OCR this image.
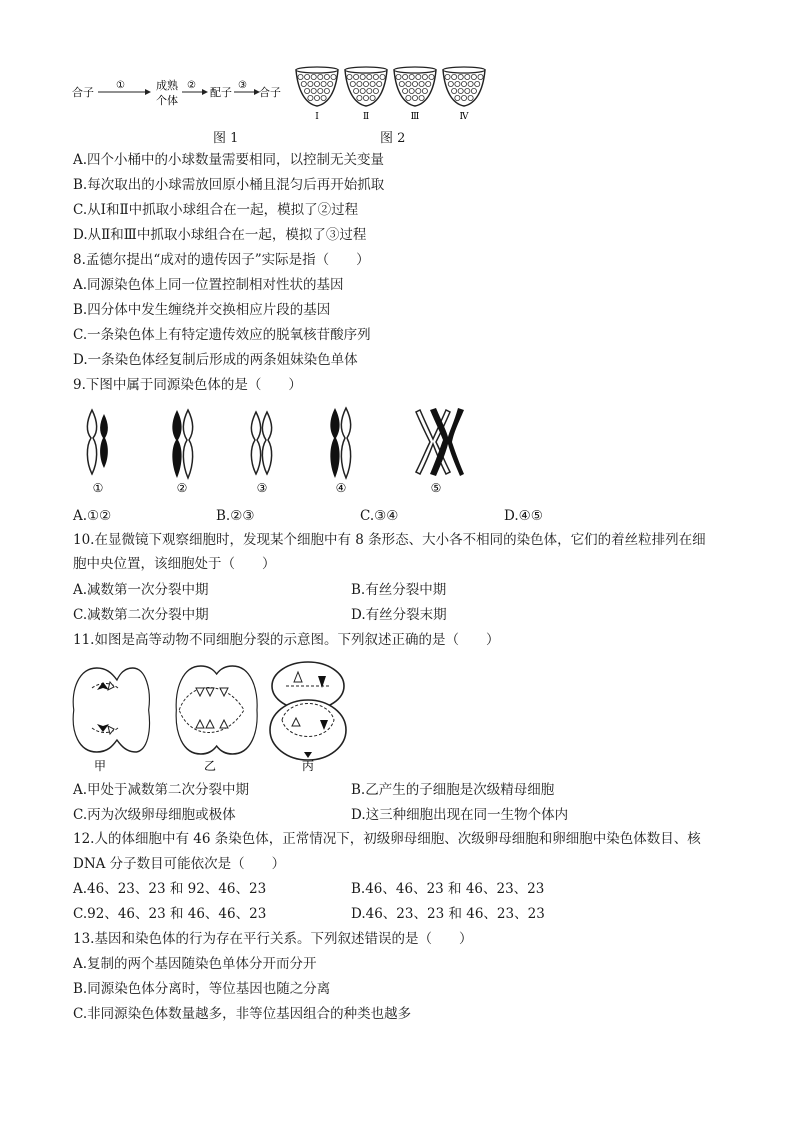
合子
①	成熟
个体
②
配子
③
合子
Ⅰ	Ⅱ	Ⅲ	Ⅳ
图 1	图 2
A.四个小桶中的小球数量需要相同，以控制无关变量
B.每次取出的小球需放回原小桶且混匀后再开始抓取
C.从Ⅰ和Ⅱ中抓取小球组合在一起，模拟了②过程
D.从Ⅱ和Ⅲ中抓取小球组合在一起，模拟了③过程
8.孟德尔提出“成对的遗传因子”实际是指（　　）
A.同源染色体上同一位置控制相对性状的基因
B.四分体中发生缠绕并交换相应片段的基因
C.一条染色体上有特定遗传效应的脱氧核苷酸序列
D.一条染色体经复制后形成的两条姐妹染色单体
9.下图中属于同源染色体的是（　　）
①	②	③	④	⑤
A.①②	B.②③	C.③④	D.④⑤
10.在显微镜下观察细胞时，发现某个细胞中有 8 条形态、大小各不相同的染色体，它们的着丝粒排列在细
胞中央位置，该细胞处于（　　）
A.减数第一次分裂中期	B.有丝分裂中期
C.减数第二次分裂中期	D.有丝分裂末期
11.如图是高等动物不同细胞分裂的示意图。下列叙述正确的是（　　）
甲	乙	丙
A.甲处于减数第二次分裂中期	B.乙产生的子细胞是次级精母细胞
C.丙为次级卵母细胞或极体	D.这三种细胞出现在同一生物个体内
12.人的体细胞中有 46 条染色体，正常情况下，初级卵母细胞、次级卵母细胞和卵细胞中染色体数目、核
DNA 分子数目可能依次是（　　）
A.46、23、23 和 92、46、23	B.46、46、23 和 46、23、23
C.92、46、23 和 46、46、23	D.46、23、23 和 46、23、23
13.基因和染色体的行为存在平行关系。下列叙述错误的是（　　）
A.复制的两个基因随染色单体分开而分开
B.同源染色体分离时，等位基因也随之分离
C.非同源染色体数量越多，非等位基因组合的种类也越多
